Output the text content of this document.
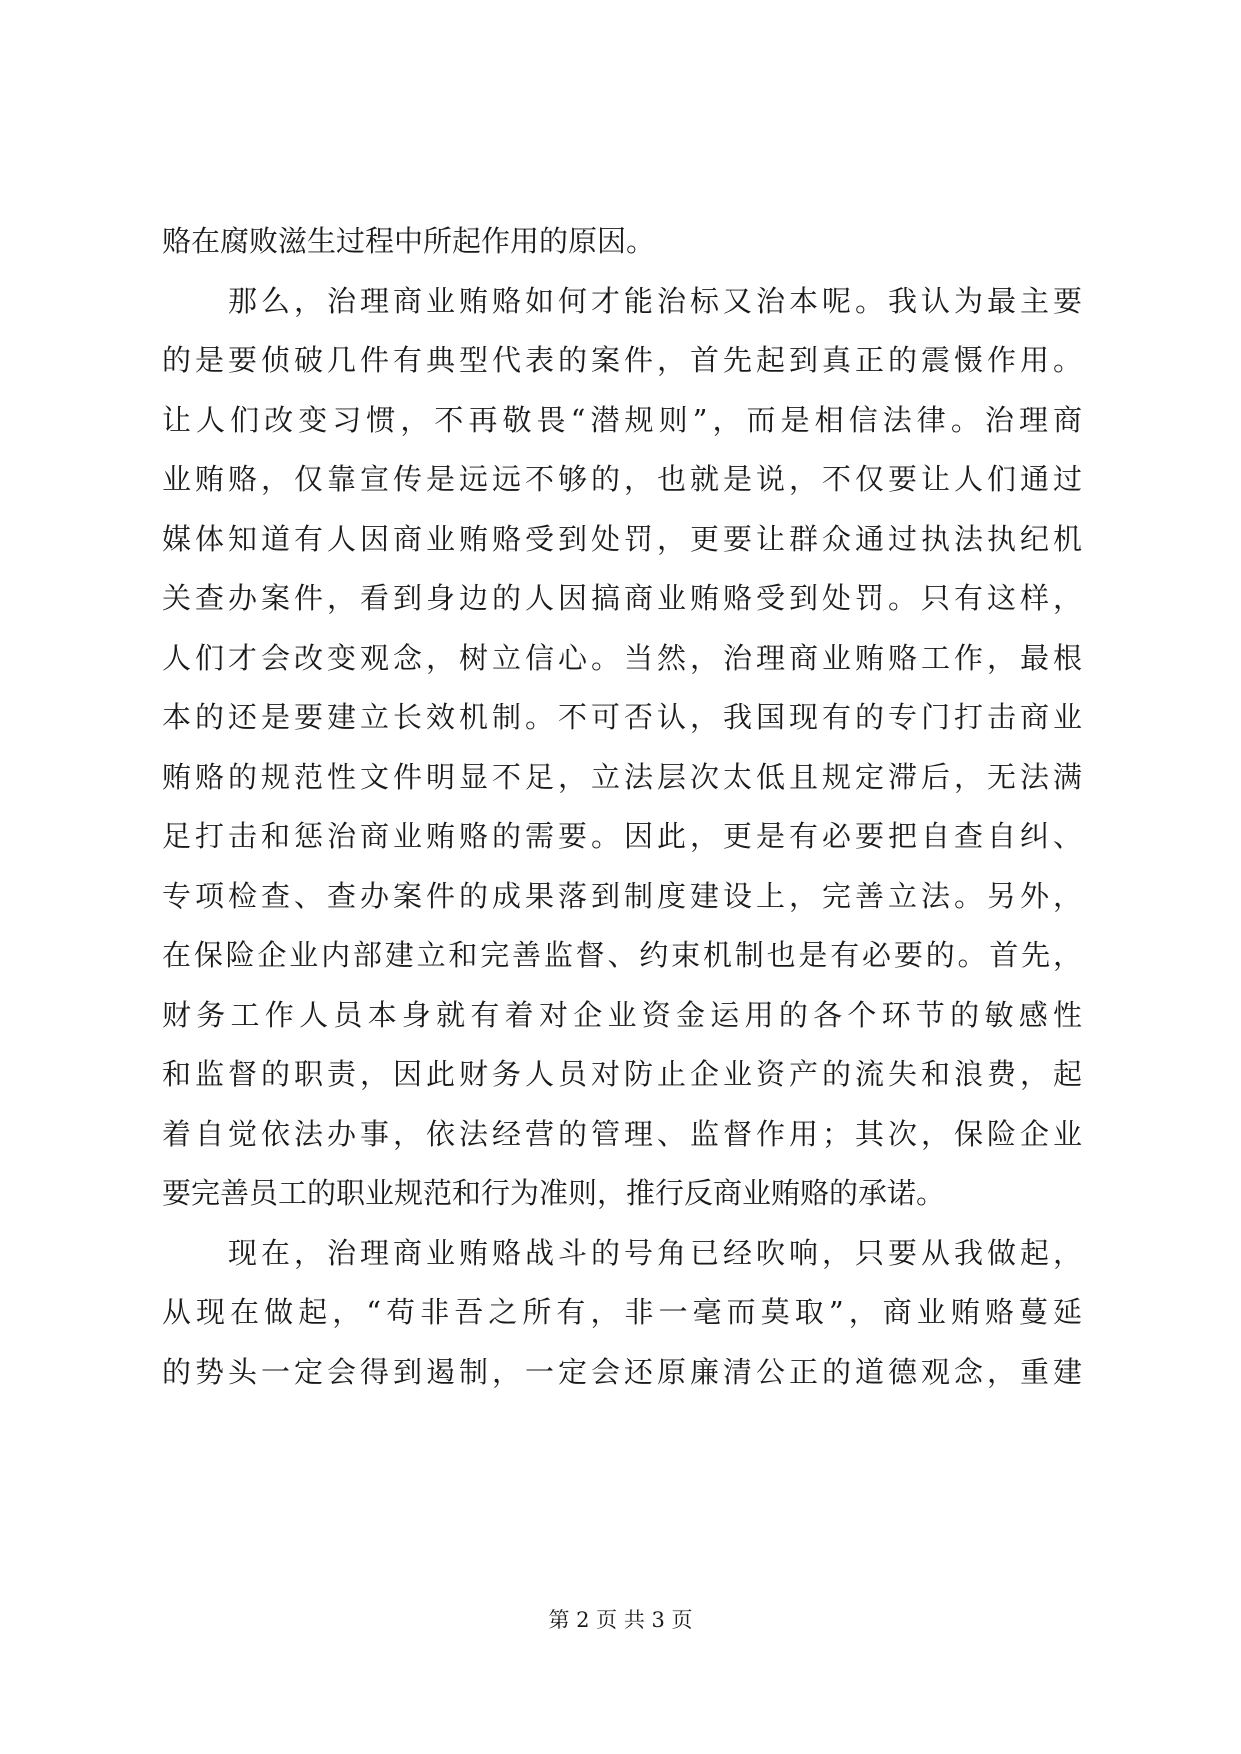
赂在腐败滋生过程中所起作用的原因。
　　那么，治理商业贿赂如何才能治标又治本呢。我认为最主要
的是要侦破几件有典型代表的案件，首先起到真正的震慑作用。
让人们改变习惯，不再敬畏“潜规则”，而是相信法律。治理商
业贿赂，仅靠宣传是远远不够的，也就是说，不仅要让人们通过
媒体知道有人因商业贿赂受到处罚，更要让群众通过执法执纪机
关查办案件，看到身边的人因搞商业贿赂受到处罚。只有这样，
人们才会改变观念，树立信心。当然，治理商业贿赂工作，最根
本的还是要建立长效机制。不可否认，我国现有的专门打击商业
贿赂的规范性文件明显不足，立法层次太低且规定滞后，无法满
足打击和惩治商业贿赂的需要。因此，更是有必要把自查自纠、
专项检查、查办案件的成果落到制度建设上，完善立法。另外，
在保险企业内部建立和完善监督、约束机制也是有必要的。首先，
财务工作人员本身就有着对企业资金运用的各个环节的敏感性
和监督的职责，因此财务人员对防止企业资产的流失和浪费，起
着自觉依法办事，依法经营的管理、监督作用；其次，保险企业
要完善员工的职业规范和行为准则，推行反商业贿赂的承诺。
　　现在，治理商业贿赂战斗的号角已经吹响，只要从我做起，
从现在做起，“苟非吾之所有，非一毫而莫取”，商业贿赂蔓延
的势头一定会得到遏制，一定会还原廉清公正的道德观念，重建
第 2 页 共 3 页
